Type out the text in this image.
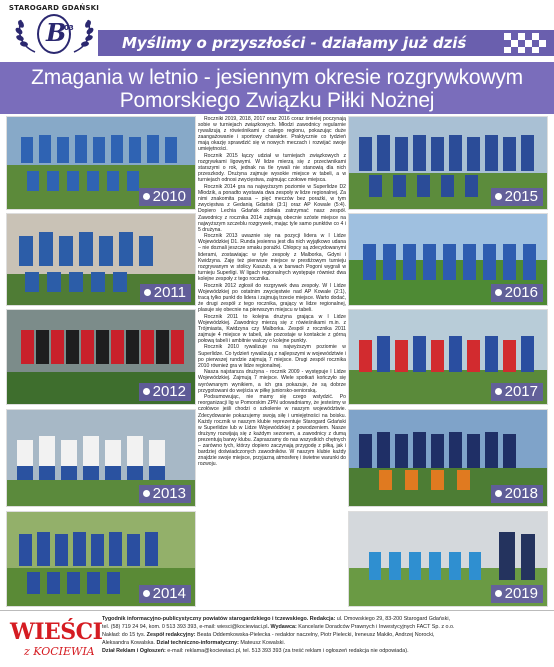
STAROGARD GDAŃSKI
B
03
Myślimy o przyszłości - działamy już dziś
Zmagania w letnio - jesiennym okresie rozgrywkowym
Pomorskiego Związku Piłki Nożnej
2010
2011
2012
2013
2014

Roczniki 2019, 2018, 2017 oraz 2016 coraz śmielej poczynają sobie w turniejach związkowych. Młodzi zawodnicy regularnie rywalizują z rówieśnikami z całego regionu, pokazując duże zaangażowanie i sportowy charakter. Praktycznie co tydzień mają okazję sprawdzić się w nowych meczach i rozwijać swoje umiejętności.

Rocznik 2015 łączy udział w turniejach związkowych z rozgrywkami ligowymi. W lidze mierzą się z przeciwnikami starszymi o rok, jednak na tle rywali nie stanowią dla nich przeszkody. Drużyna zajmuje wysokie miejsce w tabeli, a w turniejach odnosi zwycięstwa, zajmując czołowe miejsca.

Rocznik 2014 gra na najwyższym poziomie w Superlidze D2 Młodzik, a ponadto wystawia dwa zespoły w lidze regionalnej. Za nimi znakomita passa – pięć meczów bez porażki, w tym zwycięstwa z Gedanią Gdańsk (3:1) oraz AP Kowale (5:4). Dopiero Lechia Gdańsk zdołała zatrzymać nasz zespół. Zawodnicy z rocznika 2014 zajmują obecnie szóste miejsce na najwyższym szczeblu rozgrywek, mając tyle samo punktów co 4 i 5 drużyna.

Rocznik 2013 uwaznie się na pozycji lidera w I Lidze Wojewódzkiej D1. Runda jesienna jest dla nich wyjątkowo udana – nie doznali jeszcze smaku porażki. Chłopcy są zdecydowanymi liderami, zostawiając w tyle zespoły z Malborka, Gdyni i Kwidzyna. Zaję też pierwsze miejsce w prestiżowym turnieju rozgrywanym w stolicy Kaszub, a w barwach Pogoni wygrali w turnieju Superligi. W ligach regionalnych występuje również dwa kolejne zespoły z tego rocznika.

Rocznik 2012 zgłosił do rozgrywek dwa zespoły. W I Lidze Wojewódzkiej po ostatnim zwycięstwie nad AP Kowale (2:1), tracą tylko punkt do lidera i zajmują trzecie miejsce. Warto dodać, że drugi zespół z tego rocznika, grający w lidze regionalnej, plasuje się obecnie na pierwszym miejscu w tabeli.

Rocznik 2011 to kolejna drużyna grająca w I Lidze Wojewódzkiej. Zawodnicy mierzą się z rówieśnikami m.in. z Trójmiasta, Kwidzyna czy Malborka. Zespół z rocznika 2011 zajmuje 4 miejsce w tabeli, ale pozostaje w kontakcie z górną połową tabeli i ambitnie walczy o kolejne punkty.

Rocznik 2010 rywalizuje na najwyższym poziomie w Superlidze. Co tydzień rywalizują z najlepszymi w województwie i po pierwszej rundzie zajmują 7 miejsce. Drugi zespół rocznika 2010 również gra w lidze regionalnej.

Nasza najstarsza drużyna - rocznik 2009 - występuje I Lidze Wojewódzkiej. Zajmują 7 miejsce. Wiele spotkań kończyło się wyrównanym wynikiem, a ich gra pokazuje, że są dobrze przygotowani do wejścia w piłkę juniorsko-seniorską.

Podsumowując, nie mamy się czego wstydzić. Po reorganizacji lig w Pomorskim ZPN udowadniamy, że jesteśmy w czołówce jeśli chodzi o szkolenie w naszym województwie. Zdecydowanie pokazujemy swoją siłę i umiejętności na boisku. Każdy rocznik w naszym klubie reprezentuje Starogard Gdański w Superlidze lub w Lidze Wojewódzkiej z powodzeniem. Nasze drużyny rozwijają się z każdym sezonem, a zawodnicy z dumą prezentują barwy klubu. Zapraszamy do nas wszystkich chętnych – zarówno tych, którzy dopiero zaczynają przygodę z piłką, jak i bardziej doświadczonych zawodników. W naszym klubie każdy znajdzie swoje miejsce, przyjazną atmosferę i świetne warunki do rozwoju.

2015
2016
2017
2018
2019
WIEŚCI
z KOCIEWIA
Tygodnik informacyjno-publicystyczny powiatów starogardzkiego i tczewskiego. Redakcja: ul. Dmowskiego 29, 83-200 Starogard Gdański,
tel. (58) 719 24 94, kom. 0 513 393 393, e-mail: wiesci@kociewiaci.pl. Wydawca: Kancelarie Doradców Prawnych i Inwestycyjnych FACT Sp. z o.o.
Nakład: do 15 tys. Zespół redakcyjny: Beata Oddemkowska-Pielecka - redaktor naczelny, Piotr Pielecki, Ireneusz Makiło, Andrzej Norocki,
Aleksandra Kowalska. Dział techniczno-informatyczny: Mateusz Kowalski.
Dział Reklam i Ogłoszeń: e-mail: reklama@kociewiaci.pl, tel. 513 393 393 (za treść reklam i ogłoszeń redakcja nie odpowiada).
